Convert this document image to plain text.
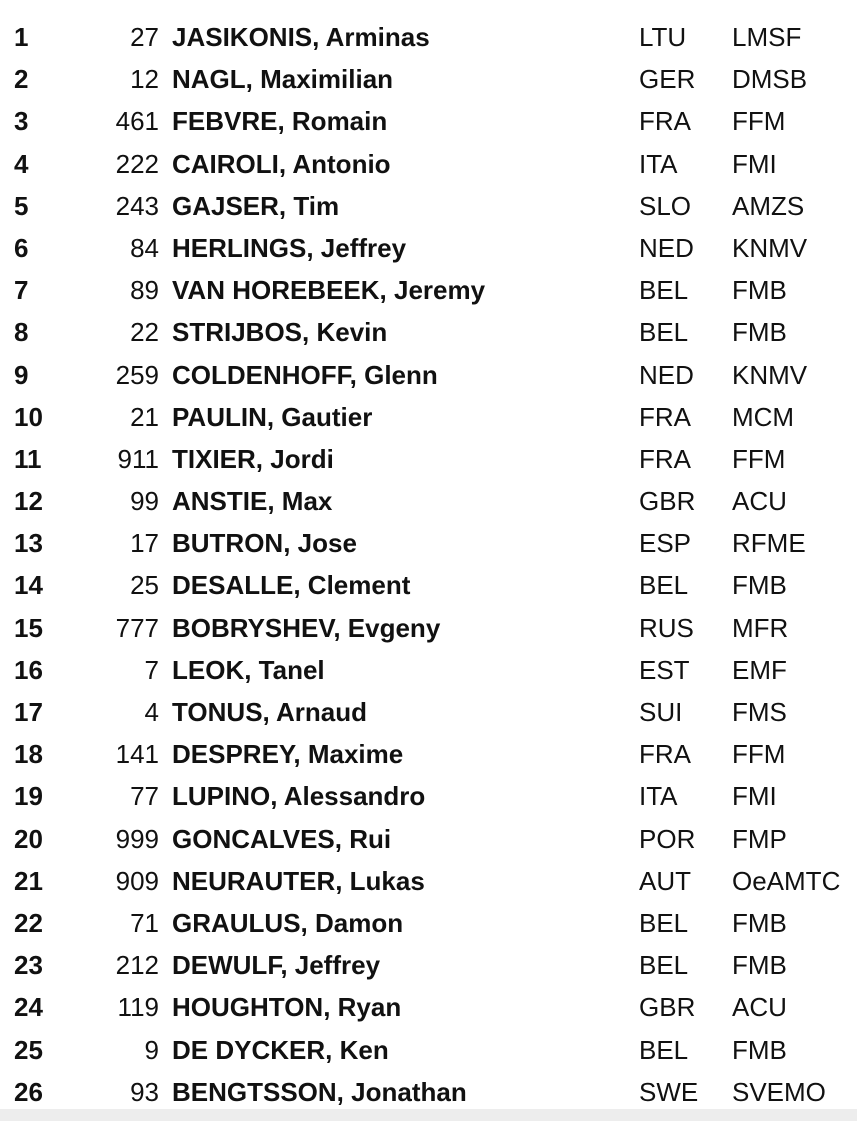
1	27 JASIKONIS, Arminas	LTU LMSF
2	12 NAGL, Maximilian	GER DMSB
3	461 FEBVRE, Romain	FRA FFM
4	222 CAIROLI, Antonio	ITA FMI
5	243 GAJSER, Tim	SLO AMZS
6	84 HERLINGS, Jeffrey	NED KNMV
7	89 VAN HOREBEEK, Jeremy	BEL FMB
8	22 STRIJBOS, Kevin	BEL FMB
9	259 COLDENHOFF, Glenn	NED KNMV
10	21 PAULIN, Gautier	FRA MCM
11	911 TIXIER, Jordi	FRA FFM
12	99 ANSTIE, Max	GBR ACU
13	17 BUTRON, Jose	ESP RFME
14	25 DESALLE, Clement	BEL FMB
15	777 BOBRYSHEV, Evgeny	RUS MFR
16	7 LEOK, Tanel	EST EMF
17	4 TONUS, Arnaud	SUI FMS
18	141 DESPREY, Maxime	FRA FFM
19	77 LUPINO, Alessandro	ITA FMI
20	999 GONCALVES, Rui	POR FMP
21	909 NEURAUTER, Lukas	AUT OeAMTC
22	71 GRAULUS, Damon	BEL FMB
23	212 DEWULF, Jeffrey	BEL FMB
24	119 HOUGHTON, Ryan	GBR ACU
25	9 DE DYCKER, Ken	BEL FMB
26	93 BENGTSSON, Jonathan	SWE SVEMO
